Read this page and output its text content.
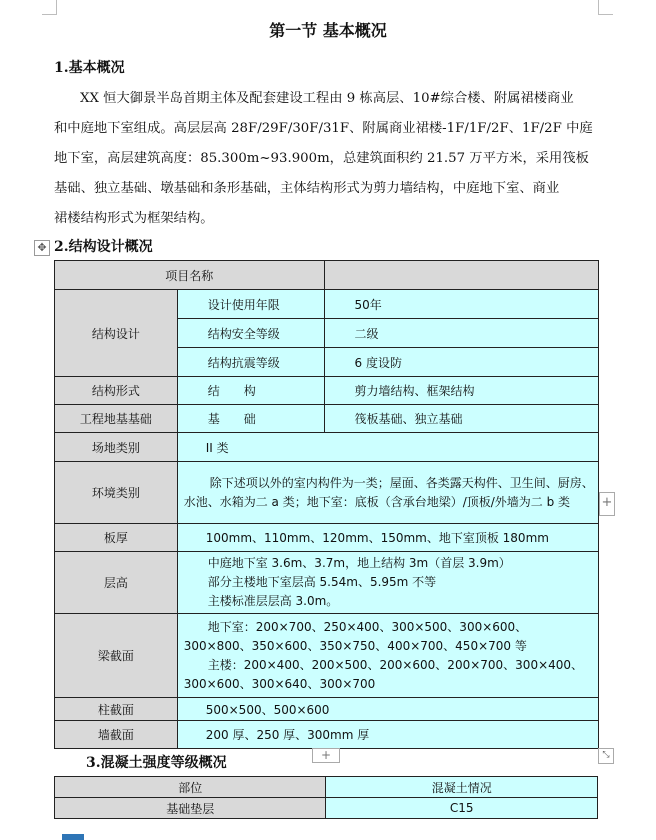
第一节 基本概况
1.基本概况
XX 恒大御景半岛首期主体及配套建设工程由 9 栋高层、10#综合楼、附属裙楼商业
和中庭地下室组成。高层层高 28F/29F/30F/31F、附属商业裙楼-1F/1F/2F、1F/2F 中庭
地下室，高层建筑高度：85.300m~93.900m，总建筑面积约 21.57 万平方米，采用筏板
基础、独立基础、墩基础和条形基础，主体结构形式为剪力墙结构，中庭地下室、商业
裙楼结构形式为框架结构。
✥ 2.结构设计概况
项目名称		
结构设计	设计使用年限	50年
	结构安全等级	二级
	结构抗震等级	6 度设防
结构形式	结　　构	剪力墙结构、框架结构
工程地基基础	基　　础	筏板基础、独立基础
场地类别	II 类	
环境类别	除下述项以外的室内构件为一类；屋面、各类露天构件、卫生间、厨房、水池、水箱为二 a 类；地下室：底板（含承台地梁）/顶板/外墙为二 b 类	
板厚	100mm、110mm、120mm、150mm、地下室顶板 180mm	
层高	中庭地下室 3.6m、3.7m，地上结构 3m（首层 3.9m）
部分主楼地下室层高 5.54m、5.95m 不等
主楼标准层层高 3.0m。	

梁截面	地下室：200×700、250×400、300×500、300×600、300×800、350×600、350×750、400×700、450×700 等
主楼：200×400、200×500、200×600、200×700、300×400、300×600、300×640、300×700	

柱截面	500×500、500×600	
墙截面	200 厚、250 厚、300mm 厚	
+
+	⤡
3.混凝土强度等级概况
部位	混凝土情况
基础垫层	C15
